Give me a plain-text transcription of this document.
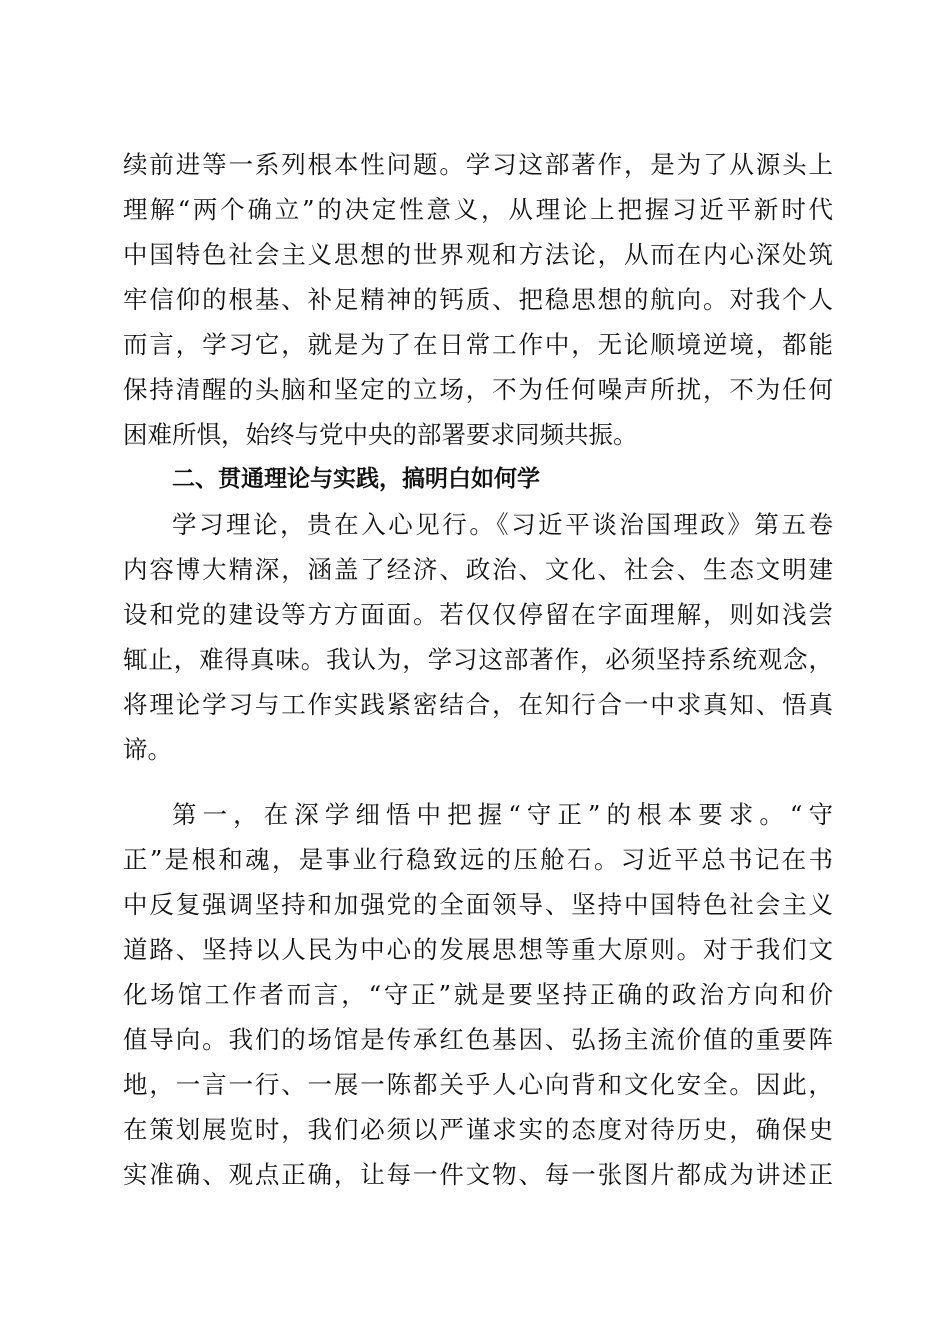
续前进等一系列根本性问题。学习这部著作，是为了从源头上
理解“两个确立”的决定性意义，从理论上把握习近平新时代
中国特色社会主义思想的世界观和方法论，从而在内心深处筑
牢信仰的根基、补足精神的钙质、把稳思想的航向。对我个人
而言，学习它，就是为了在日常工作中，无论顺境逆境，都能
保持清醒的头脑和坚定的立场，不为任何噪声所扰，不为任何
困难所惧，始终与党中央的部署要求同频共振。
二、贯通理论与实践，搞明白如何学
学习理论，贵在入心见行。《习近平谈治国理政》第五卷
内容博大精深，涵盖了经济、政治、文化、社会、生态文明建
设和党的建设等方方面面。若仅仅停留在字面理解，则如浅尝
辄止，难得真味。我认为，学习这部著作，必须坚持系统观念，
将理论学习与工作实践紧密结合，在知行合一中求真知、悟真
谛。
第一，在深学细悟中把握“守正”的根本要求。“守
正”是根和魂，是事业行稳致远的压舱石。习近平总书记在书
中反复强调坚持和加强党的全面领导、坚持中国特色社会主义
道路、坚持以人民为中心的发展思想等重大原则。对于我们文
化场馆工作者而言，“守正”就是要坚持正确的政治方向和价
值导向。我们的场馆是传承红色基因、弘扬主流价值的重要阵
地，一言一行、一展一陈都关乎人心向背和文化安全。因此，
在策划展览时，我们必须以严谨求实的态度对待历史，确保史
实准确、观点正确，让每一件文物、每一张图片都成为讲述正
